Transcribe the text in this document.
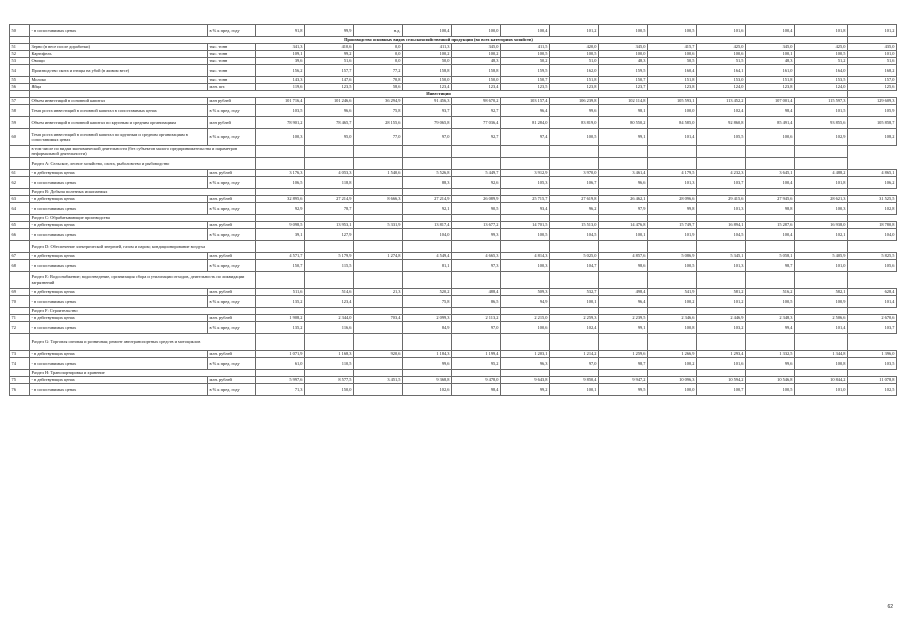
50	- в сопоставимых ценах	в % к пред. году	91,8	99,9	н.д.	100,4	100,0	100,4	101,2	100,5	100,5	101,6	100,4	101,8	101,2
	Производство основных видов сельскохозяйственной продукции (во всех категориях хозяйств)														
51	Зерно (в весе после доработки)	тыс. тонн	341,3	410,6	0,0	411,3	345,0	411,5	420,0	345,0	415,7	425,0	345,0	425,0	435,0
52	Картофель	тыс. тонн	109,1	99,2	0,0	100,2	100,2	100,5	100,5	100,0	100,6	100,6	100,1	100,5	101,0
53	Овощи	тыс. тонн	39,6	51,6	0,0	50,0	48,3	50,2	51,0	48,3	50,5	51,5	48,3	51,2	51,6
54	Производство скота и птицы на убой (в живом весе)	тыс. тонн	156,2	157,7	77,2	158,8	158,8	159,5	162,0	159,5	160,4	164,1	161,0	164,0	168,2
55	Молоко	тыс. тонн	143,3	147,6	70,8	150,0	150,0	150,7	151,8	150,7	151,8	153,0	151,8	153,5	157,0
56	Яйца	млн. шт.	119,6	123,5	58,6	123,4	123,4	123,5	123,8	123,7	123,8	124,0	123,8	124,0	125,6
	Инвестиции														
57	Объем инвестиций в основной капитал	млн рублей	101 716,4	101 246,6	36 294,9	91 456,3	98 670,2	103 157,4	106 239,8	102 114,8	105 593,1	113 452,2	107 001,4	115 597,3	129 609,3
58	Темп роста инвестиций в основной капитал в сопоставимых ценах	в % к пред. году	103,5	96,6	75,8	93,7	92,7	96,4	99,6	98,1	100,0	102,4	98,4	101,5	105,9
59	Объем инвестиций в основной капитал по крупным и средним организациям	млн рублей	78 901,2	78 465,7	28 155,6	79 065,8	77 036,4	81 284,0	83 819,0	80 550,2	84 585,0	92 860,8	85 491,4	93 855,6	105 858,7
60	Темп роста инвестиций в основной капитал по крупным и средним организациям в сопоставимых ценах	в % к пред. году	100,3	95,0	77,0	97,0	92,7	97,4	100,5	99,1	101,4	105,5	100,6	102,9	108,2
	в том числе по видам экономической деятельности (без субъектов малого предпринимательства и параметров неформальной деятельности)														
	Раздел А: Сельское, лесное хозяйство, охота, рыболовство и рыбоводство														
61	- в действующих ценах	млн. рублей	3 176,3	4 053,3	1 540,6	5 526,8	5 449,7	3 912,9	3 970,0	3 461,4	4 179,5	4 232,3	3 645,1	4 488,2	4 865,1
62	- в сопоставимых ценах	в % к пред. году	106,5	118,8		88,3	92,6	105,3	106,7	96,6	101,3	103,7	100,4	101,8	106,2
	Раздел В: Добыча полезных ископаемых														
63	- в действующих ценах	млн. рублей	32 895,6	27 214,9	8 666,3	27 214,9	26 089,9	25 715,7	27 619,8	26 462,1	28 096,6	29 415,6	27 945,6	28 621,3	31 525,5
64	- в сопоставимых ценах	в % к пред. году	92,9	78,7		92,1	90,5	93,4	96,2	97,9	99,8	101,3	98,8	100,3	102,8
	Раздел С: Обрабатывающие производства														
65	- в действующих ценах	млн. рублей	9 098,5	13 953,1	5 331,9	13 817,4	13 677,2	14 701,5	15 513,0	14 476,8	15 749,7	16 894,1	15 287,6	16 938,0	18 780,8
66	- в сопоставимых ценах	в % к пред. году	39,1	127,9		104,0	99,3	100,5	104,5	100,1	101,9	104,5	100,4	102,1	104,0
	Раздел D: Обеспечение электрической энергией, газом и паром; кондиционирование воздуха														
67	- в действующих ценах	млн. рублей	4 571,7	5 179,9	1 274,8	4 549,4	4 665,3	4 814,3	5 025,0	4 857,6	5 086,9	5 345,1	5 058,1	5 405,9	5 825,5
68	- в сопоставимых ценах	в % к пред. году	150,7	115,5		81,1	97,3	100,3	104,7	98,6	100,5	101,3	98,7	101,0	105,6
	Раздел Е: Водоснабжение; водоотведение, организация сбора и утилизации отходов, деятельность по ликвидации загрязнений														
69	- в действующих ценах	млн. рублей	511,6	514,6	21,3	520,2	488,4	509,3	532,7	498,4	541,9	581,2	516,2	582,1	628,4
70	- в сопоставимых ценах	в % к пред. году	135,2	123,4		75,8	86,5	94,9	100,1	96,4	100,2	101,2	100,5	100,9	101,4
	Раздел F: Строительство														
71	- в действующих ценах	млн. рублей	1 908,2	2 344,0	703,4	2 099,3	2 113,2	2 215,0	2 259,3	2 239,5	2 346,6	2 446,9	2 348,3	2 506,6	2 670,6
72	- в сопоставимых ценах	в % к пред. году	135,2	116,6		84,9	97,0	100,6	102,4	99,1	100,8	103,2	99,4	101,4	103,7
	Раздел G: Торговля оптовая и розничная; ремонт автотранспортных средств и мотоциклов														
73	- в действующих ценах	млн. рублей	1 071,9	1 168,3	920,6	1 184,3	1 199,4	1 203,1	1 214,2	1 259,6	1 266,9	1 293,4	1 332,5	1 344,8	1 396,0
74	- в сопоставимых ценах	в % к пред. году	61,0	110,5		99,6	95,2	96,3	97,0	98,7	100,2	101,6	99,6	100,8	103,5
	Раздел Н: Транспортировка и хранение														
75	- в действующих ценах	млн. рублей	5 997,6	8 577,5	3 451,5	9 368,8	9 478,0	9 643,8	9 850,4	9 947,2	10 096,3	10 594,2	10 546,8	10 844,2	11 078,8
76	- в сопоставимых ценах	в % к пред. году	71,3	150,0		102,6	98,4	99,2	100,1	99,5	100,0	100,7	100,5	101,0	102,5
62
